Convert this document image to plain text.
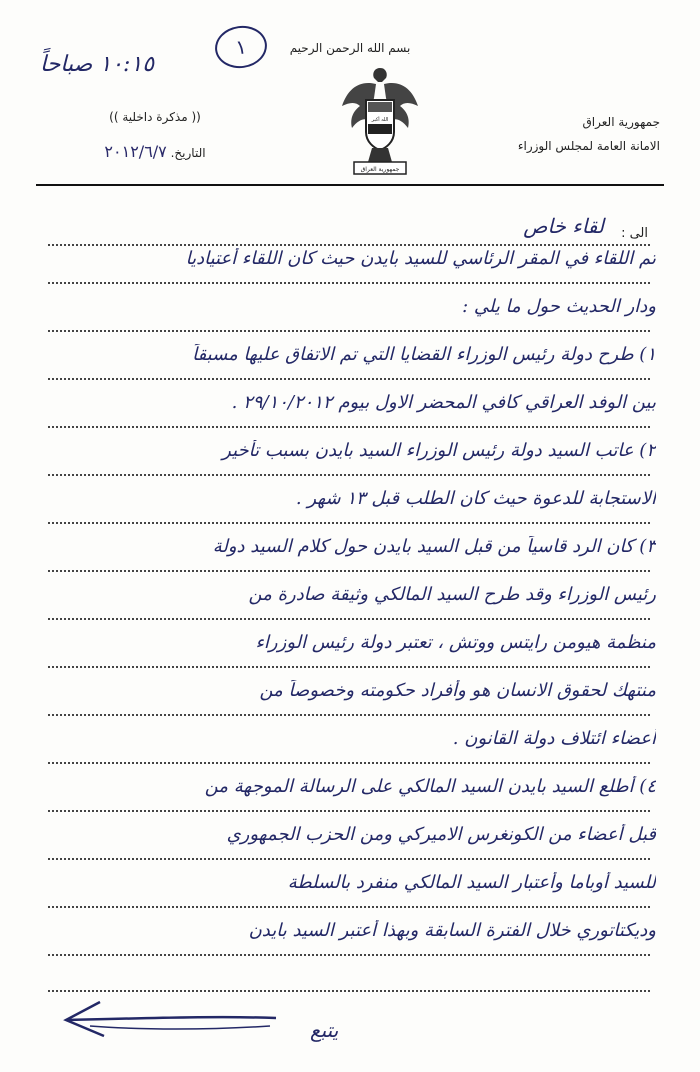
١
١٠:١٥ صباحاً
بسم الله الرحمن الرحيم
الله أكبر
جمهورية العراق
جمهورية العراق
الامانة العامة لمجلس الوزراء
(( مذكرة داخلية ))
التاريخ. ٢٠١٢/٦/٧
الى :
لقاء خاص
تم اللقاء في المقر الرئاسي للسيد بايدن حيث كان اللقاء أعتياديا
ودار الحديث حول ما يلي :
١) طرح دولة رئيس الوزراء القضايا التي تم الاتفاق عليها مسبقاً
بين الوفد العراقي كافي المحضر الاول بيوم ٢٩/١٠/٢٠١٢ .
٢) عاتب السيد دولة رئيس الوزراء السيد بايدن بسبب تأخير
الاستجابة للدعوة حيث كان الطلب قبل ١٣ شهر .
٣) كان الرد قاسياً من قبل السيد بايدن حول كلام السيد دولة
رئيس الوزراء وقد طرح السيد المالكي وثيقة صادرة من
منظمة هيومن رايتس ووتش ، تعتبر دولة رئيس الوزراء
منتهك لحقوق الانسان هو وأفراد حكومته وخصوصاً من
أعضاء ائتلاف دولة القانون .
٤) أطلع السيد بايدن السيد المالكي على الرسالة الموجهة من
قبل أعضاء من الكونغرس الاميركي ومن الحزب الجمهوري
للسيد أوباما وأعتبار السيد المالكي منفرد بالسلطة
وديكتاتوري خلال الفترة السابقة وبهذا أعتبر السيد بايدن
يتبع
